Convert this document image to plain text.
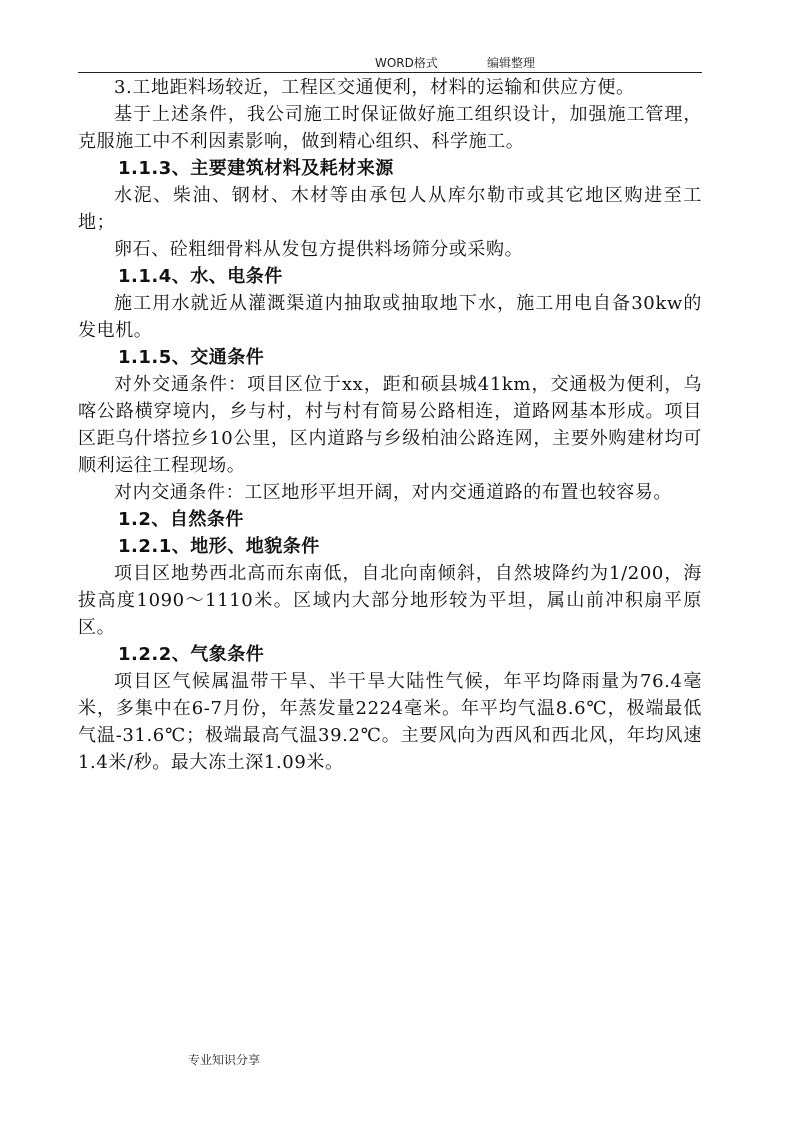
WORD格式	编辑整理

3.工地距料场较近，工程区交通便利，材料的运输和供应方便。

基于上述条件，我公司施工时保证做好施工组织设计，加强施工管理，克服施工中不利因素影响，做到精心组织、科学施工。

1.1.3、主要建筑材料及耗材来源

水泥、柴油、钢材、木材等由承包人从库尔勒市或其它地区购进至工地；

卵石、砼粗细骨料从发包方提供料场筛分或采购。

1.1.4、水、电条件

施工用水就近从灌溉渠道内抽取或抽取地下水，施工用电自备30kw的发电机。

1.1.5、交通条件

对外交通条件：项目区位于xx，距和硕县城41km，交通极为便利，乌喀公路横穿境内，乡与村，村与村有简易公路相连，道路网基本形成。项目区距乌什塔拉乡10公里，区内道路与乡级柏油公路连网，主要外购建材均可顺利运往工程现场。

对内交通条件：工区地形平坦开阔，对内交通道路的布置也较容易。

1.2、自然条件

1.2.1、地形、地貌条件

项目区地势西北高而东南低，自北向南倾斜，自然坡降约为1/200，海拔高度1090～1110米。区域内大部分地形较为平坦，属山前冲积扇平原区。

1.2.2、气象条件

项目区气候属温带干旱、半干旱大陆性气候，年平均降雨量为76.4毫米，多集中在6-7月份，年蒸发量2224毫米。年平均气温8.6℃，极端最低气温-31.6℃；极端最高气温39.2℃。主要风向为西风和西北风，年均风速1.4米/秒。最大冻土深1.09米。

专业知识分享
